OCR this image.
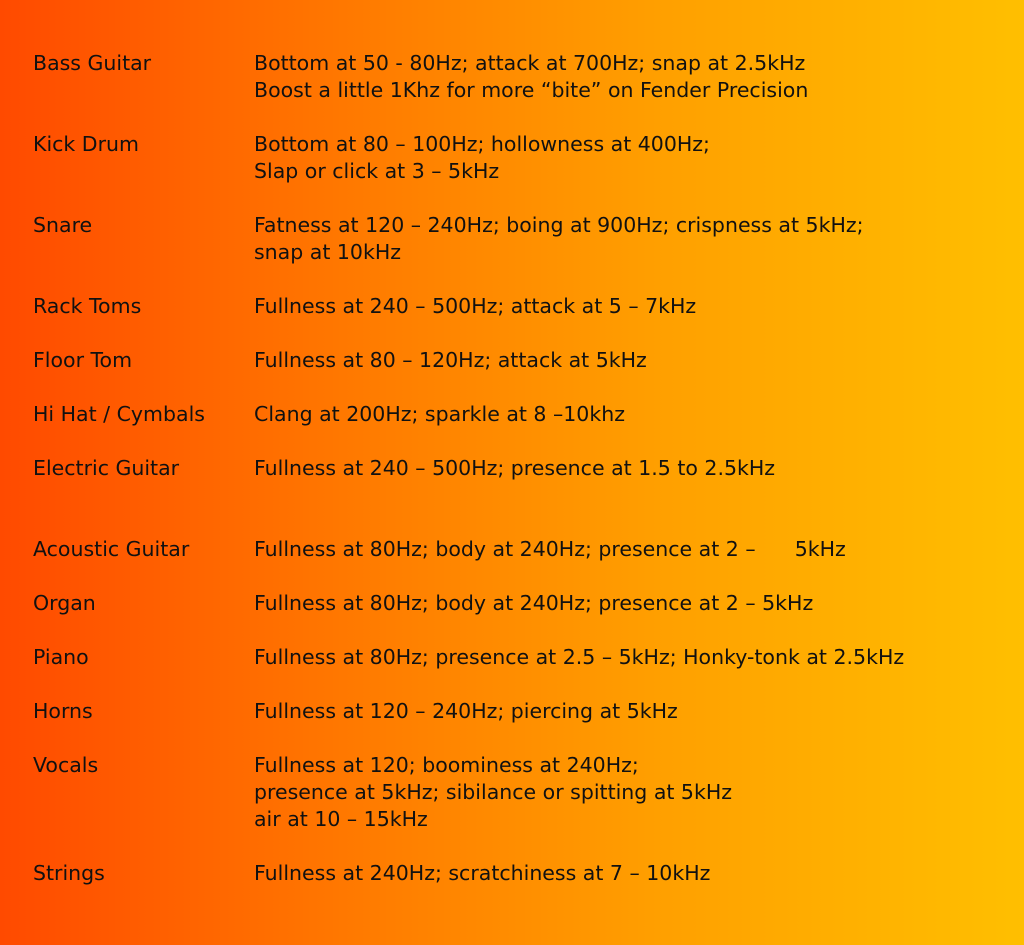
Bass Guitar	Bottom at 50 - 80Hz; attack at 700Hz; snap at 2.5kHz
Boost a little 1Khz for more “bite” on Fender Precision
Kick Drum	Bottom at 80 – 100Hz; hollowness at 400Hz;
Slap or click at 3 – 5kHz
Snare	Fatness at 120 – 240Hz; boing at 900Hz; crispness at 5kHz;
snap at 10kHz
Rack Toms	Fullness at 240 – 500Hz; attack at 5 – 7kHz
Floor Tom	Fullness at 80 – 120Hz; attack at 5kHz
Hi Hat / Cymbals	Clang at 200Hz; sparkle at 8 –10khz
Electric Guitar	Fullness at 240 – 500Hz; presence at 1.5 to 2.5kHz
Acoustic Guitar	Fullness at 80Hz; body at 240Hz; presence at 2 –      5kHz
Organ	Fullness at 80Hz; body at 240Hz; presence at 2 – 5kHz
Piano	Fullness at 80Hz; presence at 2.5 – 5kHz; Honky-tonk at 2.5kHz
Horns	Fullness at 120 – 240Hz; piercing at 5kHz
Vocals	Fullness at 120; boominess at 240Hz;
presence at 5kHz; sibilance or spitting at 5kHz
air at 10 – 15kHz
Strings	Fullness at 240Hz; scratchiness at 7 – 10kHz
